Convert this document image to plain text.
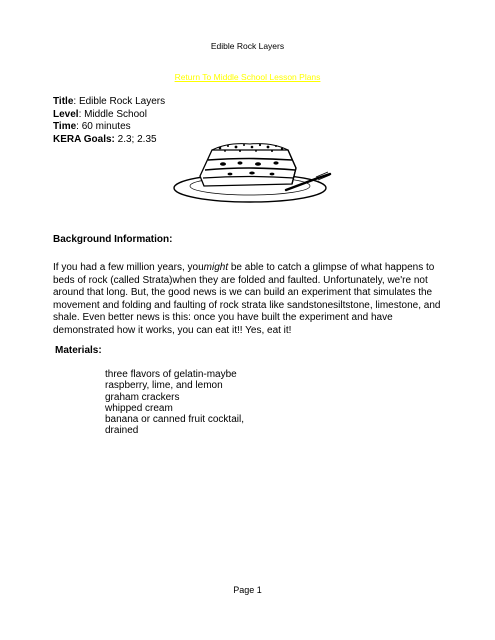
Edible Rock Layers
Return To Middle School Lesson Plans
Title: Edible Rock Layers
Level: Middle School
Time: 60 minutes
KERA Goals: 2.3; 2.35
Background Information:
If you had a few million years, youmight be able to catch a glimpse of what happens to beds of rock (called Strata)when they are folded and faulted. Unfortunately, we're not around that long. But, the good news is we can build an experiment that simulates the movement and folding and faulting of rock strata like sandstonesiltstone, limestone, and shale. Even better news is this: once you have built the experiment and have demonstrated how it works, you can eat it!! Yes, eat it!
Materials:
three flavors of gelatin-maybe
raspberry, lime, and lemon
graham crackers
whipped cream
banana or canned fruit cocktail,
drained
Page 1
